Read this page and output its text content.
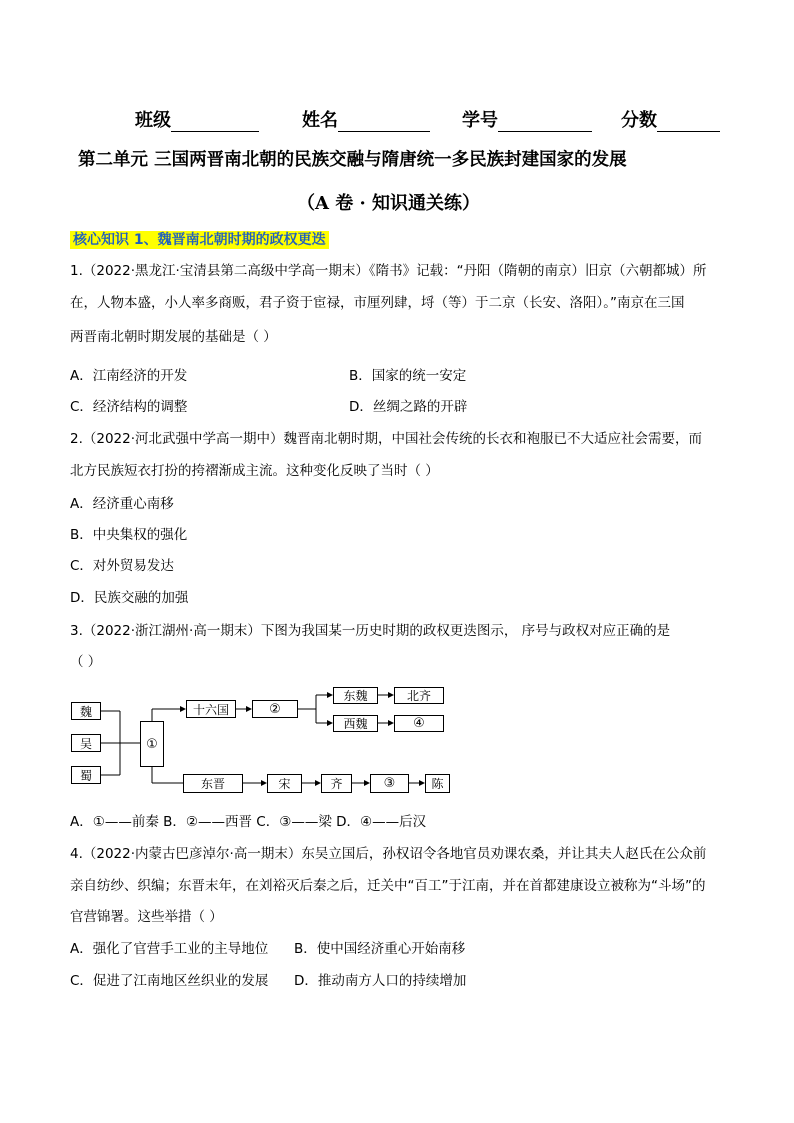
班级	姓名	学号	分数
第二单元 三国两晋南北朝的民族交融与隋唐统一多民族封建国家的发展
（A 卷 · 知识通关练）
核心知识 1、魏晋南北朝时期的政权更迭
1.（2022·黑龙江·宝清县第二高级中学高一期末）《隋书》记载：“丹阳（隋朝的南京）旧京（六朝都城）所
在，人物本盛，小人率多商贩，君子资于宦禄，市厘列肆，埒（等）于二京（长安、洛阳）。”南京在三国
两晋南北朝时期发展的基础是（ ）
A．江南经济的开发	B．国家的统一安定
C．经济结构的调整	D．丝绸之路的开辟
2.（2022·河北武强中学高一期中）魏晋南北朝时期，中国社会传统的长衣和袍服已不大适应社会需要，而
北方民族短衣打扮的挎褶渐成主流。这种变化反映了当时（ ）
A．经济重心南移
B．中央集权的强化
C．对外贸易发达
D．民族交融的加强
3.（2022·浙江湖州·高一期末）下图为我国某一历史时期的政权更迭图示， 序号与政权对应正确的是
（ ）
魏
吴
蜀
①
十六国	②
东魏	北齐
西魏	④
东晋	宋	齐	③	陈
A．①——前秦 B．②——西晋 C．③——梁 D．④——后汉
4.（2022·内蒙古巴彦淖尔·高一期末）东吴立国后，孙权诏令各地官员劝课农桑，并让其夫人赵氏在公众前
亲自纺纱、织编；东晋末年，在刘裕灭后秦之后，迁关中“百工”于江南，并在首都建康设立被称为“斗场”的
官营锦署。这些举措（ ）
A．强化了官营手工业的主导地位 B．使中国经济重心开始南移
C．促进了江南地区丝织业的发展 D．推动南方人口的持续增加
